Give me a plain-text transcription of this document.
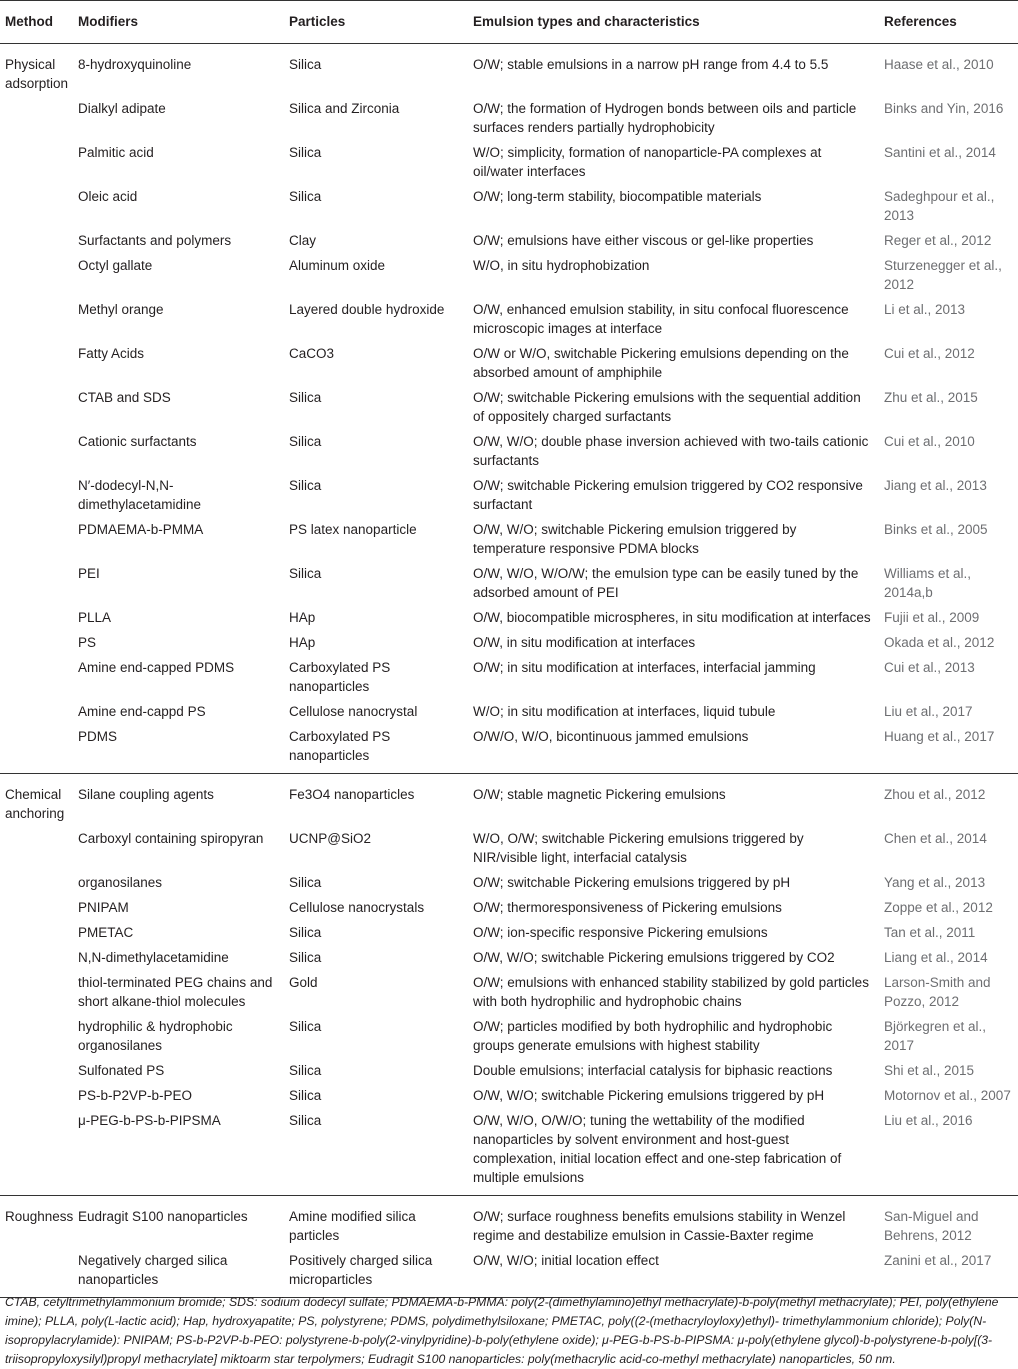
Method	Modifiers	Particles	Emulsion types and characteristics	References
Physical adsorption	8-hydroxyquinoline	Silica	O/W; stable emulsions in a narrow pH range from 4.4 to 5.5	Haase et al., 2010
	Dialkyl adipate	Silica and Zirconia	O/W; the formation of Hydrogen bonds between oils and particle surfaces renders partially hydrophobicity	Binks and Yin, 2016
	Palmitic acid	Silica	W/O; simplicity, formation of nanoparticle-PA complexes at oil/water interfaces	Santini et al., 2014
	Oleic acid	Silica	O/W; long-term stability, biocompatible materials	Sadeghpour et al., 2013
	Surfactants and polymers	Clay	O/W; emulsions have either viscous or gel-like properties	Reger et al., 2012
	Octyl gallate	Aluminum oxide	W/O, in situ hydrophobization	Sturzenegger et al., 2012
	Methyl orange	Layered double hydroxide	O/W, enhanced emulsion stability, in situ confocal fluorescence microscopic images at interface	Li et al., 2013
	Fatty Acids	CaCO3	O/W or W/O, switchable Pickering emulsions depending on the absorbed amount of amphiphile	Cui et al., 2012
	CTAB and SDS	Silica	O/W; switchable Pickering emulsions with the sequential addition of oppositely charged surfactants	Zhu et al., 2015
	Cationic surfactants	Silica	O/W, W/O; double phase inversion achieved with two-tails cationic surfactants	Cui et al., 2010
	N′-dodecyl-N,N-dimethylacetamidine	Silica	O/W; switchable Pickering emulsion triggered by CO2 responsive surfactant	Jiang et al., 2013
	PDMAEMA-b-PMMA	PS latex nanoparticle	O/W, W/O; switchable Pickering emulsion triggered by temperature responsive PDMA blocks	Binks et al., 2005
	PEI	Silica	O/W, W/O, W/O/W; the emulsion type can be easily tuned by the adsorbed amount of PEI	Williams et al., 2014a,b
	PLLA	HAp	O/W, biocompatible microspheres, in situ modification at interfaces	Fujii et al., 2009
	PS	HAp	O/W, in situ modification at interfaces	Okada et al., 2012
	Amine end-capped PDMS	Carboxylated PS nanoparticles	O/W; in situ modification at interfaces, interfacial jamming	Cui et al., 2013
	Amine end-cappd PS	Cellulose nanocrystal	W/O; in situ modification at interfaces, liquid tubule	Liu et al., 2017
	PDMS	Carboxylated PS nanoparticles	O/W/O, W/O, bicontinuous jammed emulsions	Huang et al., 2017
Chemical anchoring	Silane coupling agents	Fe3O4 nanoparticles	O/W; stable magnetic Pickering emulsions	Zhou et al., 2012
	Carboxyl containing spiropyran	UCNP@SiO2	W/O, O/W; switchable Pickering emulsions triggered by NIR/visible light, interfacial catalysis	Chen et al., 2014
	organosilanes	Silica	O/W; switchable Pickering emulsions triggered by pH	Yang et al., 2013
	PNIPAM	Cellulose nanocrystals	O/W; thermoresponsiveness of Pickering emulsions	Zoppe et al., 2012
	PMETAC	Silica	O/W; ion-specific responsive Pickering emulsions	Tan et al., 2011
	N,N-dimethylacetamidine	Silica	O/W, W/O; switchable Pickering emulsions triggered by CO2	Liang et al., 2014
	thiol-terminated PEG chains and short alkane-thiol molecules	Gold	O/W; emulsions with enhanced stability stabilized by gold particles with both hydrophilic and hydrophobic chains	Larson-Smith and Pozzo, 2012
	hydrophilic & hydrophobic organosilanes	Silica	O/W; particles modified by both hydrophilic and hydrophobic groups generate emulsions with highest stability	Björkegren et al., 2017
	Sulfonated PS	Silica	Double emulsions; interfacial catalysis for biphasic reactions	Shi et al., 2015
	PS-b-P2VP-b-PEO	Silica	O/W, W/O; switchable Pickering emulsions triggered by pH	Motornov et al., 2007
	μ-PEG-b-PS-b-PIPSMA	Silica	O/W, W/O, O/W/O; tuning the wettability of the modified nanoparticles by solvent environment and host-guest complexation, initial location effect and one-step fabrication of multiple emulsions	Liu et al., 2016
Roughness	Eudragit S100 nanoparticles	Amine modified silica particles	O/W; surface roughness benefits emulsions stability in Wenzel regime and destabilize emulsion in Cassie-Baxter regime	San-Miguel and Behrens, 2012
	Negatively charged silica nanoparticles	Positively charged silica microparticles	O/W, W/O; initial location effect	Zanini et al., 2017
CTAB, cetyltrimethylammonium bromide; SDS: sodium dodecyl sulfate; PDMAEMA-b-PMMA: poly(2-(dimethylamino)ethyl methacrylate)-b-poly(methyl methacrylate); PEI, poly(ethylene imine); PLLA, poly(L-lactic acid); Hap, hydroxyapatite; PS, polystyrene; PDMS, polydimethylsiloxane; PMETAC, poly((2-(methacryloyloxy)ethyl)- trimethylammonium chloride); Poly(N-isopropylacrylamide): PNIPAM; PS-b-P2VP-b-PEO: polystyrene-b-poly(2-vinylpyridine)-b-poly(ethylene oxide); μ-PEG-b-PS-b-PIPSMA: μ-poly(ethylene glycol)-b-polystyrene-b-poly[(3-triisopropyloxysilyl)propyl methacrylate] miktoarm star terpolymers; Eudragit S100 nanoparticles: poly(methacrylic acid-co-methyl methacrylate) nanoparticles, 50 nm.
